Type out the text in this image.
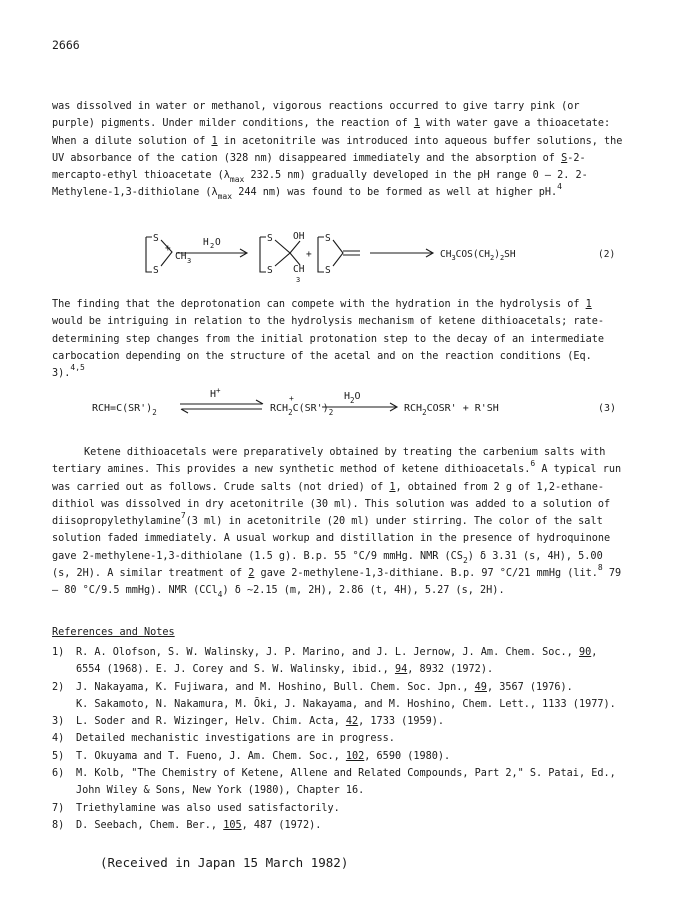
2666

was dissolved in water or methanol, vigorous reactions occurred to give tarry pink (or purple) pigments. Under milder conditions, the reaction of 1 with water gave a thioacetate: When a dilute solution of 1 in acetonitrile was introduced into aqueous buffer solutions, the UV absorbance of the cation (328 nm) disappeared immediately and the absorption of S-2-mercapto-ethyl thioacetate ($\lambda_{max}$ 232.5 nm) gradually developed in the pH range 0 – 2. 2-Methylene-1,3-dithiolane ($\lambda_{max}$ 244 nm) was found to be formed as well at higher pH.$^4$

S
S
+
CH 3
H 2 O	S
S
OH
CH
3
+
S
S
$CH_3COS(CH_2)_2SH$	(2)

The finding that the deprotonation can compete with the hydration in the hydrolysis of 1 would be intriguing in relation to the hydrolysis mechanism of ketene dithioacetals; rate-determining step changes from the initial protonation step to the decay of an intermediate carbocation depending on the structure of the acetal and on the reaction conditions (Eq. 3).$^{4,5}$

$RCH=C(SR')_2$
H+
+
$RCH_2C(SR')_2$
$H_2O$
$RCH_2COSR' + R'SH$	(3)

Ketene dithioacetals were preparatively obtained by treating the carbenium salts with tertiary amines. This provides a new synthetic method of ketene dithioacetals.$^6$ A typical run was carried out as follows. Crude salts (not dried) of 1, obtained from 2 g of 1,2-ethane-dithiol was dissolved in dry acetonitrile (30 ml). This solution was added to a solution of diisopropylethylamine$^7$(3 ml) in acetonitrile (20 ml) under stirring. The color of the salt solution faded immediately. A usual workup and distillation in the presence of hydroquinone gave 2-methylene-1,3-dithiolane (1.5 g). B.p. 55 °C/9 mmHg. NMR $(CS_2)$ δ 3.31 (s, 4H), 5.00 (s, 2H). A similar treatment of 2 gave 2-methylene-1,3-dithiane. B.p. 97 °C/21 mmHg (lit.$^8$ 79 – 80 °C/9.5 mmHg). NMR (CCl$_4$) δ ~2.15 (m, 2H), 2.86 (t, 4H), 5.27 (s, 2H).

References and Notes
1)	R. A. Olofson, S. W. Walinsky, J. P. Marino, and J. L. Jernow, J. Am. Chem. Soc., 90,
6554 (1968). E. J. Corey and S. W. Walinsky, ibid., 94, 8932 (1972).
2)	J. Nakayama, K. Fujiwara, and M. Hoshino, Bull. Chem. Soc. Jpn., 49, 3567 (1976).
K. Sakamoto, N. Nakamura, M. Ōki, J. Nakayama, and M. Hoshino, Chem. Lett., 1133 (1977).
3)	L. Soder and R. Wizinger, Helv. Chim. Acta, 42, 1733 (1959).
4)	Detailed mechanistic investigations are in progress.
5)	T. Okuyama and T. Fueno, J. Am. Chem. Soc., 102, 6590 (1980).
6)	M. Kolb, "The Chemistry of Ketene, Allene and Related Compounds, Part 2," S. Patai, Ed.,
John Wiley & Sons, New York (1980), Chapter 16.
7)	Triethylamine was also used satisfactorily.
8)	D. Seebach, Chem. Ber., 105, 487 (1972).
(Received in Japan 15 March 1982)
